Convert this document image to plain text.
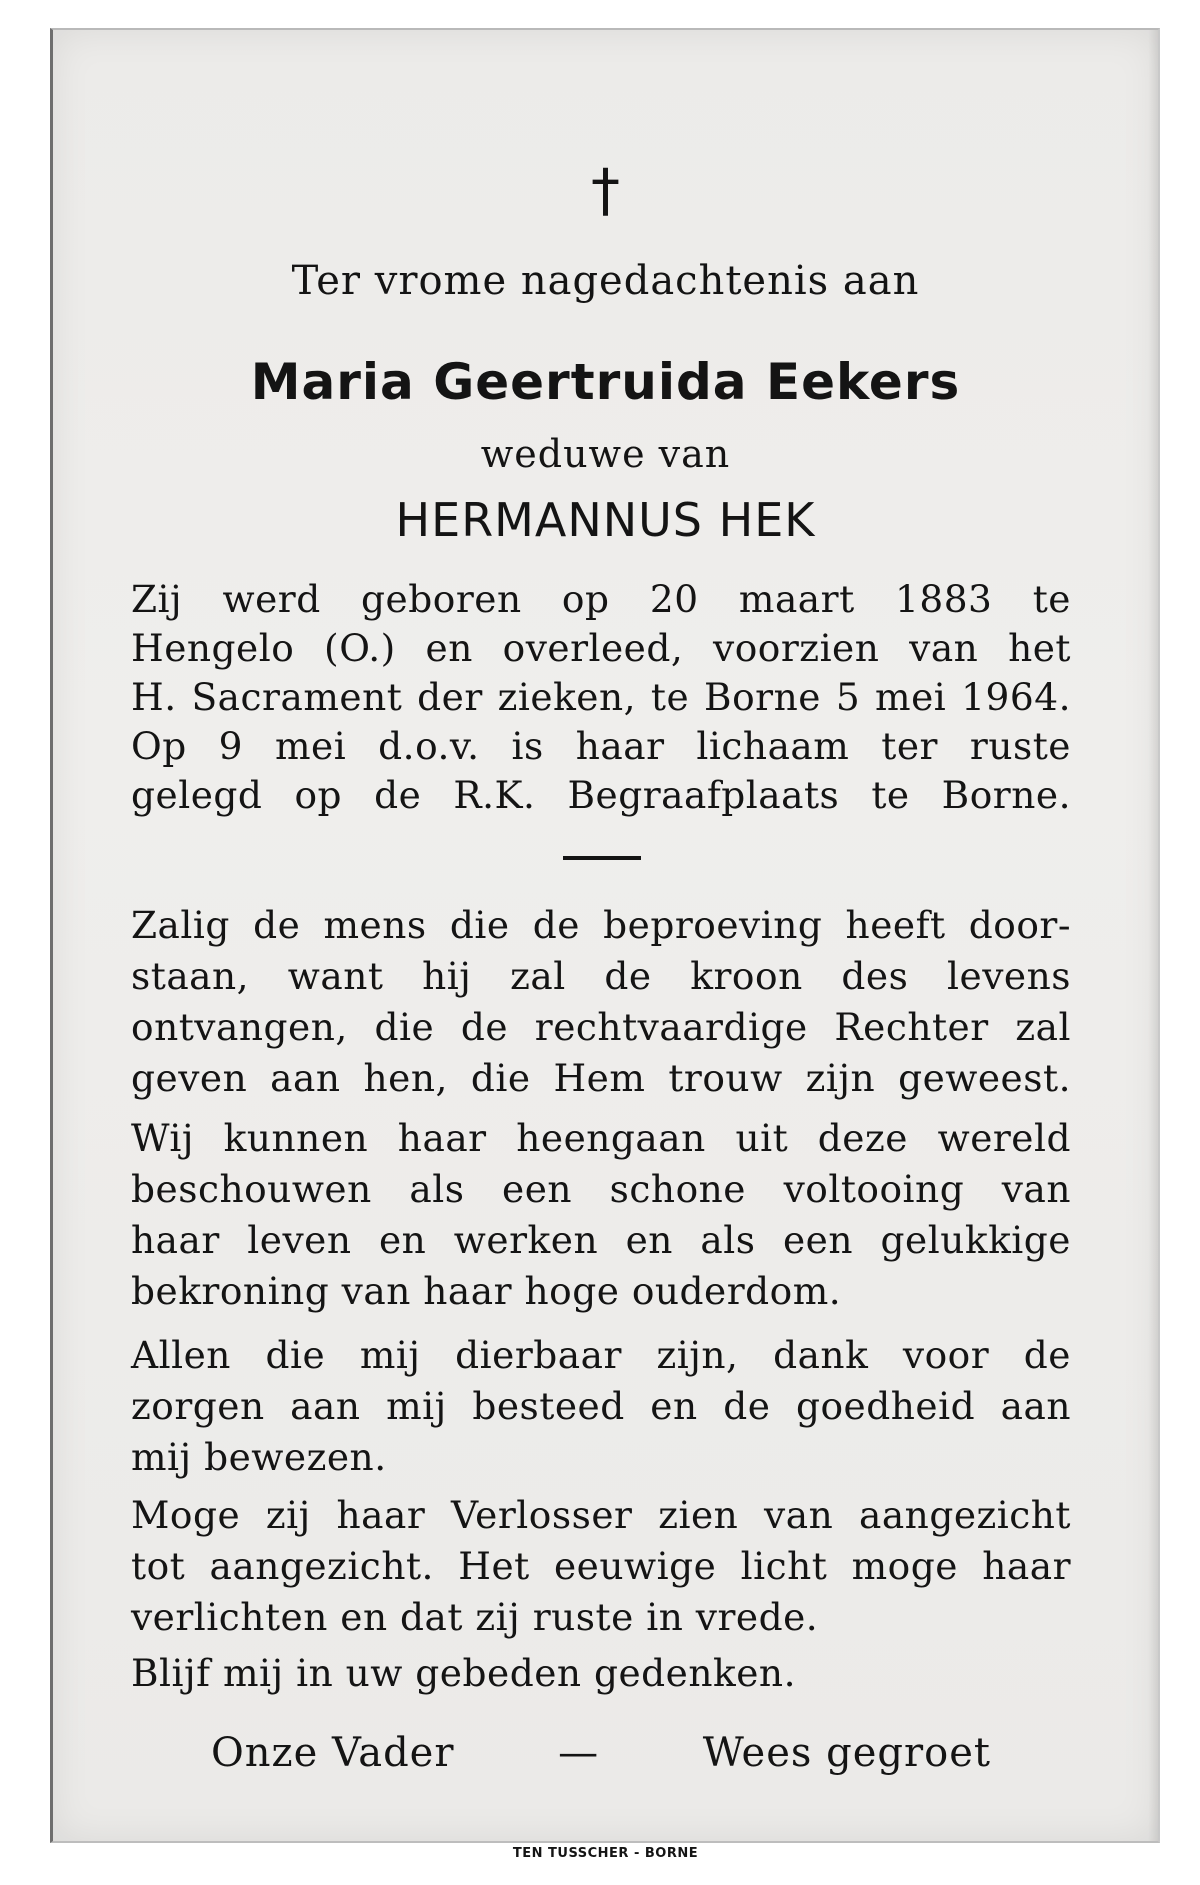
†
Ter vrome nagedachtenis aan
Maria Geertruida Eekers
weduwe van
HERMANNUS HEK
Zij werd geboren op 20 maart 1883 te
Hengelo (O.) en overleed, voorzien van het
H. Sacrament der zieken, te Borne 5 mei 1964.
Op 9 mei d.o.v. is haar lichaam ter ruste
gelegd op de R.K. Begraafplaats te Borne.
Zalig de mens die de beproeving heeft door-
staan, want hij zal de kroon des levens
ontvangen, die de rechtvaardige Rechter zal
geven aan hen, die Hem trouw zijn geweest.
Wij kunnen haar heengaan uit deze wereld
beschouwen als een schone voltooing van
haar leven en werken en als een gelukkige
bekroning van haar hoge ouderdom.
Allen die mij dierbaar zijn, dank voor de
zorgen aan mij besteed en de goedheid aan
mij bewezen.
Moge zij haar Verlosser zien van aangezicht
tot aangezicht. Het eeuwige licht moge haar
verlichten en dat zij ruste in vrede.
Blijf mij in uw gebeden gedenken.
Onze Vader	—	Wees gegroet
TEN TUSSCHER - BORNE
